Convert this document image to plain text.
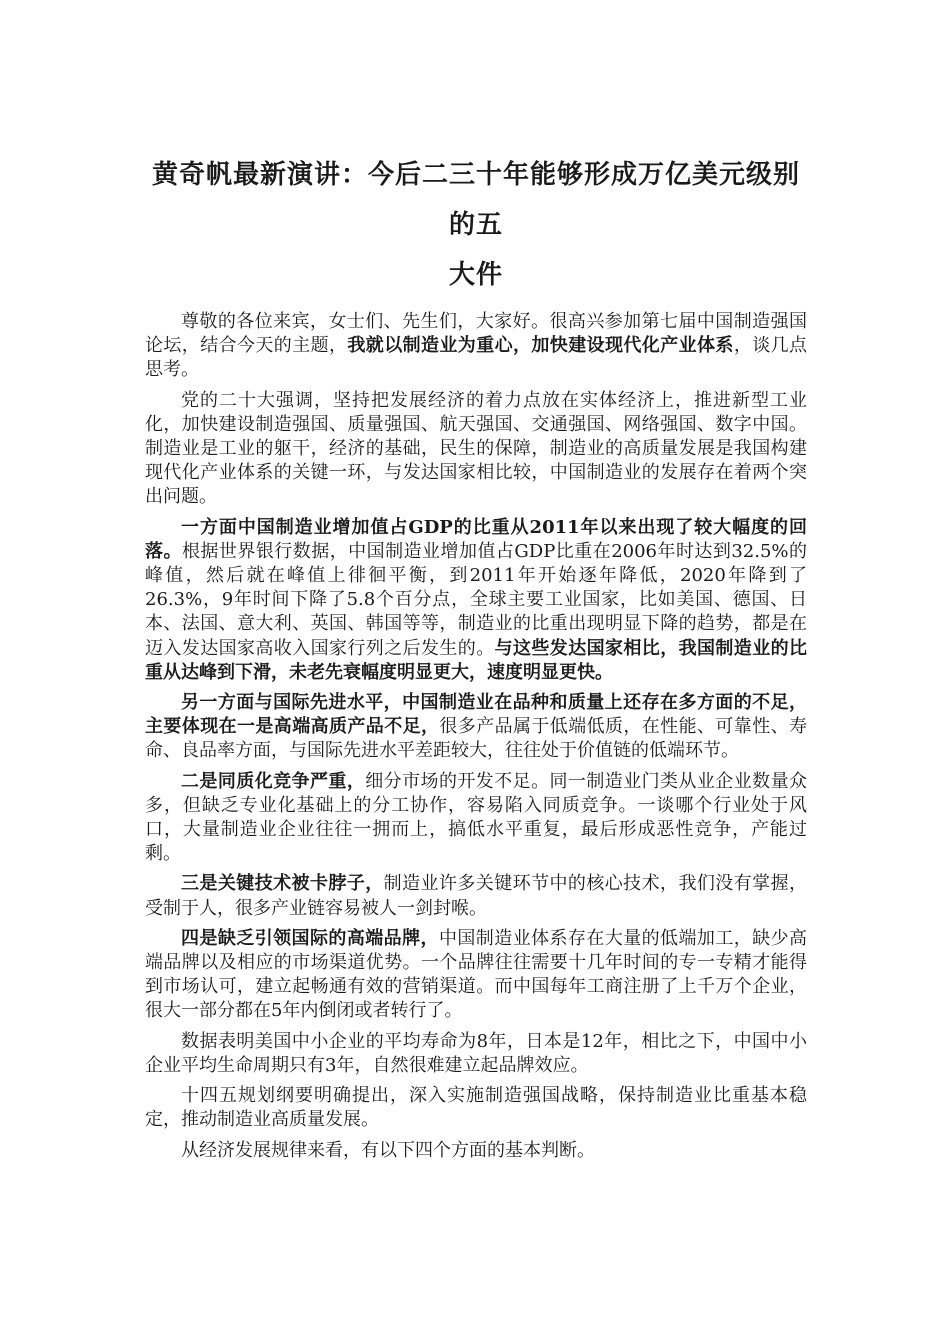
黄奇帆最新演讲：今后二三十年能够形成万亿美元级别的五
大件

尊敬的各位来宾，女士们、先生们，大家好。很高兴参加第七届中国制造强国论坛，结合今天的主题，我就以制造业为重心，加快建设现代化产业体系，谈几点思考。

党的二十大强调，坚持把发展经济的着力点放在实体经济上，推进新型工业化，加快建设制造强国、质量强国、航天强国、交通强国、网络强国、数字中国。制造业是工业的躯干，经济的基础，民生的保障，制造业的高质量发展是我国构建现代化产业体系的关键一环，与发达国家相比较，中国制造业的发展存在着两个突出问题。

一方面中国制造业增加值占GDP的比重从2011年以来出现了较大幅度的回落。根据世界银行数据，中国制造业增加值占GDP比重在2006年时达到32.5%的峰值，然后就在峰值上徘徊平衡，到2011年开始逐年降低，2020年降到了26.3%，9年时间下降了5.8个百分点，全球主要工业国家，比如美国、德国、日本、法国、意大利、英国、韩国等等，制造业的比重出现明显下降的趋势，都是在迈入发达国家高收入国家行列之后发生的。与这些发达国家相比，我国制造业的比重从达峰到下滑，未老先衰幅度明显更大，速度明显更快。

另一方面与国际先进水平，中国制造业在品种和质量上还存在多方面的不足，主要体现在一是高端高质产品不足，很多产品属于低端低质，在性能、可靠性、寿命、良品率方面，与国际先进水平差距较大，往往处于价值链的低端环节。

二是同质化竞争严重，细分市场的开发不足。同一制造业门类从业企业数量众多，但缺乏专业化基础上的分工协作，容易陷入同质竞争。一谈哪个行业处于风口，大量制造业企业往往一拥而上，搞低水平重复，最后形成恶性竞争，产能过剩。

三是关键技术被卡脖子，制造业许多关键环节中的核心技术，我们没有掌握，受制于人，很多产业链容易被人一剑封喉。

四是缺乏引领国际的高端品牌，中国制造业体系存在大量的低端加工，缺少高端品牌以及相应的市场渠道优势。一个品牌往往需要十几年时间的专一专精才能得到市场认可，建立起畅通有效的营销渠道。而中国每年工商注册了上千万个企业，很大一部分都在5年内倒闭或者转行了。

数据表明美国中小企业的平均寿命为8年，日本是12年，相比之下，中国中小企业平均生命周期只有3年，自然很难建立起品牌效应。

十四五规划纲要明确提出，深入实施制造强国战略，保持制造业比重基本稳定，推动制造业高质量发展。

从经济发展规律来看，有以下四个方面的基本判断。
